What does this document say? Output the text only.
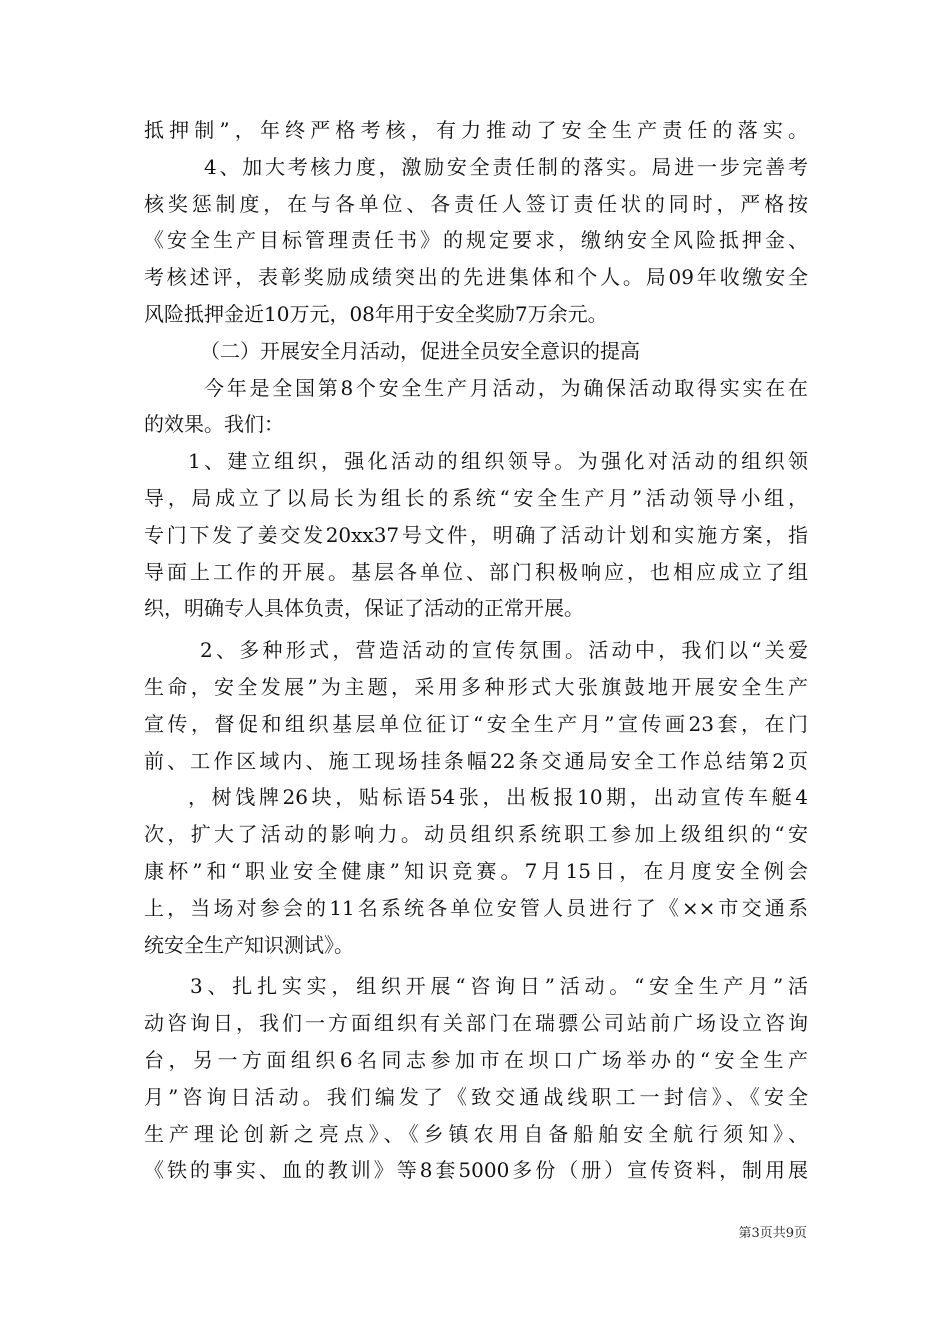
抵押制”，年终严格考核，有力推动了安全生产责任的落实。
4、加大考核力度，激励安全责任制的落实。局进一步完善考
核奖惩制度，在与各单位、各责任人签订责任状的同时，严格按
《安全生产目标管理责任书》的规定要求，缴纳安全风险抵押金、
考核述评，表彰奖励成绩突出的先进集体和个人。局09年收缴安全
风险抵押金近10万元，08年用于安全奖励7万余元。
（二）开展安全月活动，促进全员安全意识的提高
今年是全国第8个安全生产月活动，为确保活动取得实实在在
的效果。我们：
1、建立组织，强化活动的组织领导。为强化对活动的组织领
导，局成立了以局长为组长的系统“安全生产月”活动领导小组，
专门下发了姜交发20xx37号文件，明确了活动计划和实施方案，指
导面上工作的开展。基层各单位、部门积极响应，也相应成立了组
织，明确专人具体负责，保证了活动的正常开展。
2、多种形式，营造活动的宣传氛围。活动中，我们以“关爱
生命，安全发展”为主题，采用多种形式大张旗鼓地开展安全生产
宣传，督促和组织基层单位征订“安全生产月”宣传画23套，在门
前、工作区域内、施工现场挂条幅22条交通局安全工作总结第2页
，树饯牌26块，贴标语54张，出板报10期，出动宣传车艇4
次，扩大了活动的影响力。动员组织系统职工参加上级组织的“安
康杯”和“职业安全健康”知识竞赛。7月15日，在月度安全例会
上，当场对参会的11名系统各单位安管人员进行了《××市交通系
统安全生产知识测试》。
3、扎扎实实，组织开展“咨询日”活动。“安全生产月”活
动咨询日，我们一方面组织有关部门在瑞骠公司站前广场设立咨询
台，另一方面组织6名同志参加市在坝口广场举办的“安全生产
月”咨询日活动。我们编发了《致交通战线职工一封信》、《安全
生产理论创新之亮点》、《乡镇农用自备船舶安全航行须知》、
《铁的事实、血的教训》等8套5000多份（册）宣传资料，制用展
第3页共9页
